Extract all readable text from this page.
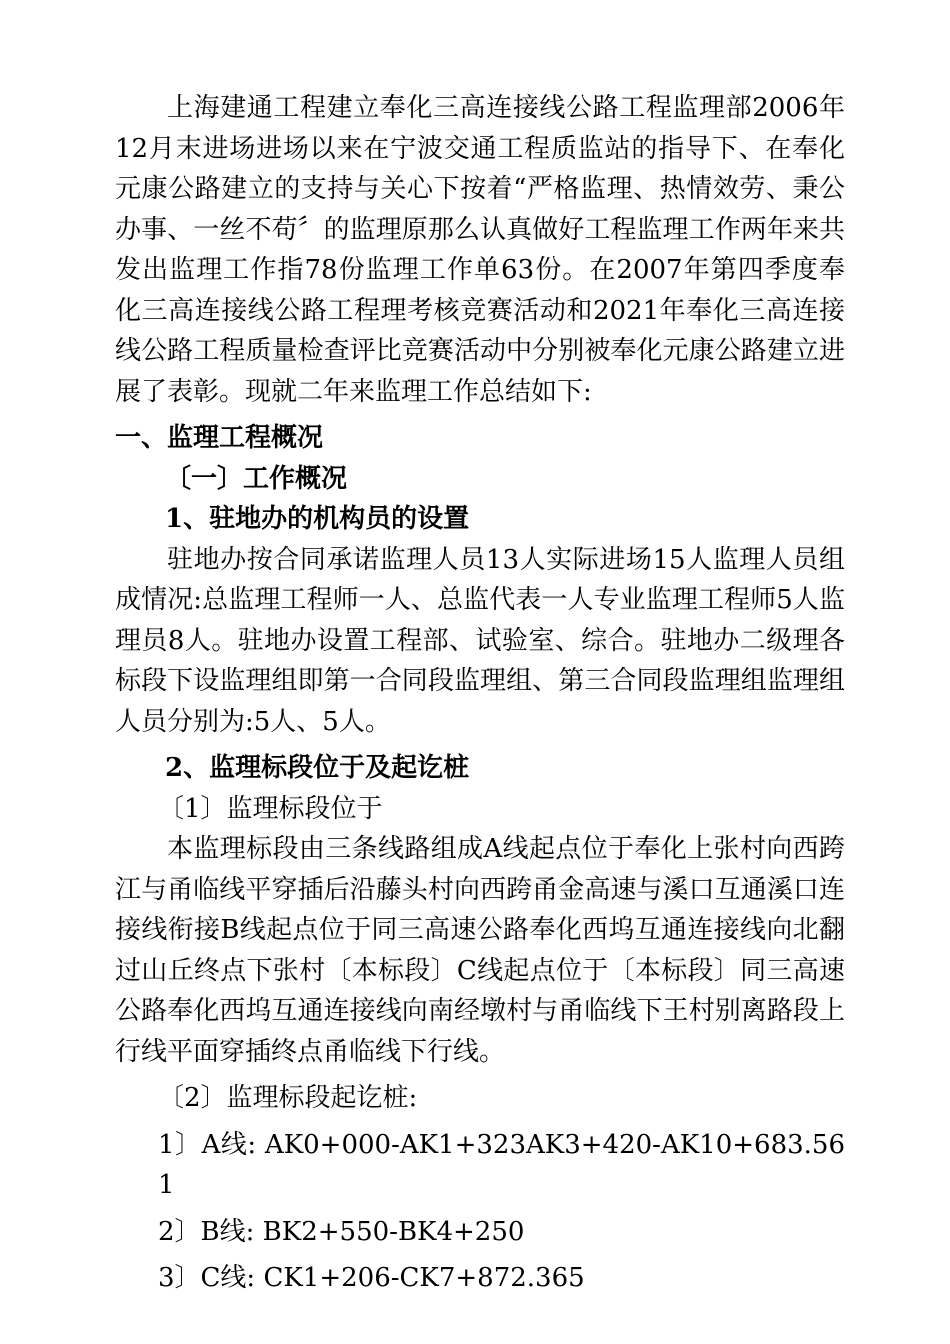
上海建通工程建立奉化三高连接线公路工程监理部2006年12月末进场进场以来在宁波交通工程质监站的指导下、在奉化元康公路建立的支持与关心下按着“严格监理、热情效劳、秉公办事、一丝不苟〞的监理原那么认真做好工程监理工作两年来共发出监理工作指78份监理工作单63份。在2007年第四季度奉化三高连接线公路工程理考核竞赛活动和2021年奉化三高连接线公路工程质量检查评比竞赛活动中分别被奉化元康公路建立进展了表彰。现就二年来监理工作总结如下:

一、监理工程概况

〔一〕工作概况

1、驻地办的机构员的设置

驻地办按合同承诺监理人员13人实际进场15人监理人员组成情况:总监理工程师一人、总监代表一人专业监理工程师5人监理员8人。驻地办设置工程部、试验室、综合。驻地办二级理各标段下设监理组即第一合同段监理组、第三合同段监理组监理组人员分别为:5人、5人。

2、监理标段位于及起讫桩

〔1〕监理标段位于

本监理标段由三条线路组成A线起点位于奉化上张村向西跨江与甬临线平穿插后沿藤头村向西跨甬金高速与溪口互通溪口连接线衔接B线起点位于同三高速公路奉化西坞互通连接线向北翻过山丘终点下张村〔本标段〕C线起点位于〔本标段〕同三高速公路奉化西坞互通连接线向南经墩村与甬临线下王村别离路段上行线平面穿插终点甬临线下行线。

〔2〕监理标段起讫桩:

1〕A线: AK0+000-AK1+323AK3+420-AK10+683.561

2〕B线: BK2+550-BK4+250

3〕C线: CK1+206-CK7+872.365
